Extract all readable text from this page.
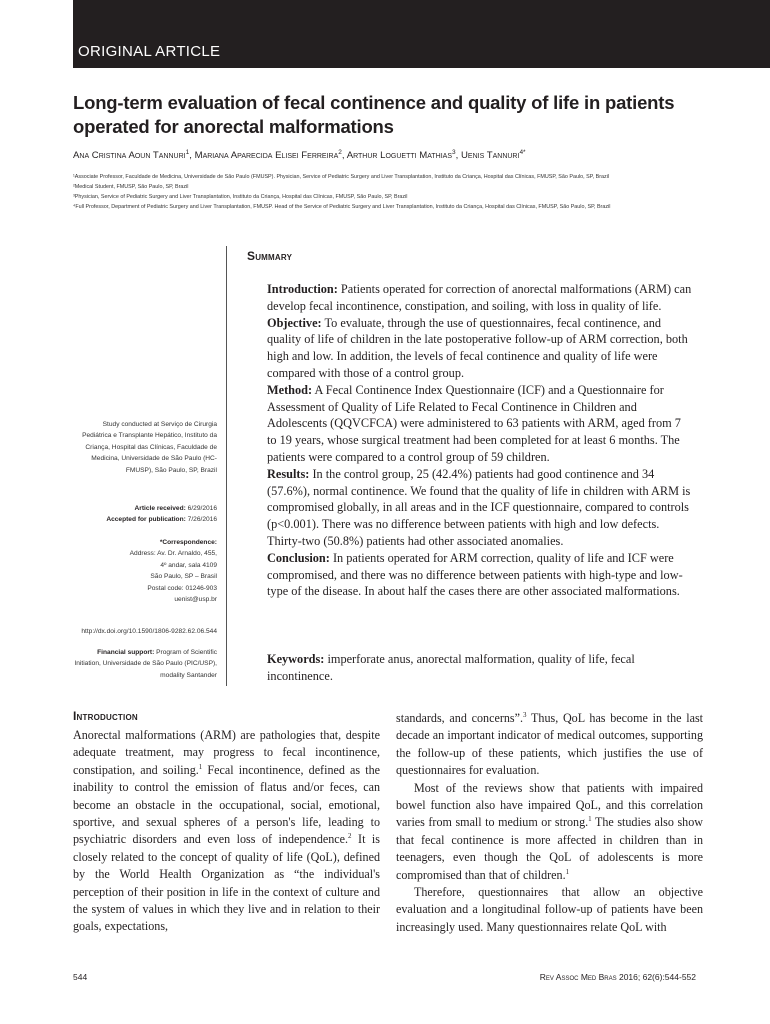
ORIGINAL ARTICLE
Long-term evaluation of fecal continence and quality of life in patients operated for anorectal malformations
Ana Cristina Aoun Tannuri$^1$, Mariana Aparecida Elisei Ferreira$^2$, Arthur Loguetti Mathias$^3$, Uenis Tannuri$^{4*}$
¹Associate Professor, Faculdade de Medicina, Universidade de São Paulo (FMUSP). Physician, Service of Pediatric Surgery and Liver Transplantation, Instituto da Criança, Hospital das Clínicas, FMUSP, São Paulo, SP, Brazil
²Medical Student, FMUSP, São Paulo, SP, Brazil
³Physician, Service of Pediatric Surgery and Liver Transplantation, Instituto da Criança, Hospital das Clínicas, FMUSP, São Paulo, SP, Brazil
⁴Full Professor, Department of Pediatric Surgery and Liver Transplantation, FMUSP. Head of the Service of Pediatric Surgery and Liver Transplantation, Instituto da Criança, Hospital das Clínicas, FMUSP, São Paulo, SP, Brazil
Study conducted at Serviço de Cirurgia Pediátrica e Transplante Hepático, Instituto da Criança, Hospital das Clínicas, Faculdade de Medicina, Universidade de São Paulo (HC-FMUSP), São Paulo, SP, Brazil
Article received: 6/29/2016
Accepted for publication: 7/26/2016
*Correspondence:
Address: Av. Dr. Arnaldo, 455,
4º andar, sala 4109
São Paulo, SP – Brasil
Postal code: 01246-903
uenist@usp.br
http://dx.doi.org/10.1590/1806-9282.62.06.544
Financial support: Program of Scientific Initiation, Universidade de São Paulo (PIC/USP), modality Santander
Summary

Introduction: Patients operated for correction of anorectal malformations (ARM) can develop fecal incontinence, constipation, and soiling, with loss in quality of life.

Objective: To evaluate, through the use of questionnaires, fecal continence, and quality of life of children in the late postoperative follow-up of ARM correction, both high and low. In addition, the levels of fecal continence and quality of life were compared with those of a control group.

Method: A Fecal Continence Index Questionnaire (ICF) and a Questionnaire for Assessment of Quality of Life Related to Fecal Continence in Children and Adolescents (QQVCFCA) were administered to 63 patients with ARM, aged from 7 to 19 years, whose surgical treatment had been completed for at least 6 months. The patients were compared to a control group of 59 children.

Results: In the control group, 25 (42.4%) patients had good continence and 34 (57.6%), normal continence. We found that the quality of life in children with ARM is compromised globally, in all areas and in the ICF questionnaire, compared to controls (p<0.001). There was no difference between patients with high and low defects. Thirty-two (50.8%) patients had other associated anomalies.

Conclusion: In patients operated for ARM correction, quality of life and ICF were compromised, and there was no difference between patients with high-type and low-type of the disease. In about half the cases there are other associated malformations.

Keywords: imperforate anus, anorectal malformation, quality of life, fecal incontinence.
Introduction

Anorectal malformations (ARM) are pathologies that, despite adequate treatment, may progress to fecal incontinence, constipation, and soiling.$^1$ Fecal incontinence, defined as the inability to control the emission of flatus and/or feces, can become an obstacle in the occupational, social, emotional, sportive, and sexual spheres of a person's life, leading to psychiatric disorders and even loss of independence.$^2$ It is closely related to the concept of quality of life (QoL), defined by the World Health Organization as “the individual's perception of their position in life in the context of culture and the system of values in which they live and in relation to their goals, expectations,

standards, and concerns”.$^3$ Thus, QoL has become in the last decade an important indicator of medical outcomes, supporting the follow-up of these patients, which justifies the use of questionnaires for evaluation.

Most of the reviews show that patients with impaired bowel function also have impaired QoL, and this correlation varies from small to medium or strong.$^1$ The studies also show that fecal continence is more affected in children than in teenagers, even though the QoL of adolescents is more compromised than that of children.$^1$

Therefore, questionnaires that allow an objective evaluation and a longitudinal follow-up of patients have been increasingly used. Many questionnaires relate QoL with

544	Rev Assoc Med Bras 2016; 62(6):544-552
